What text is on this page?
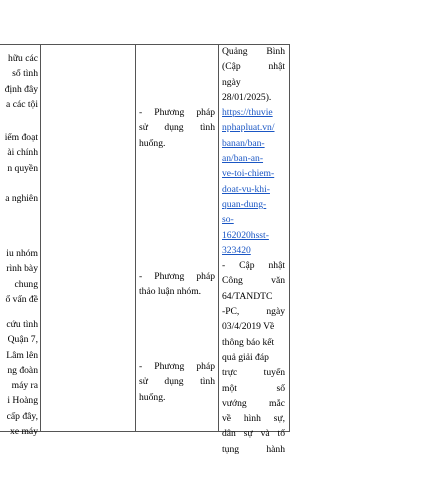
hữu các
số tình
định đây
a các tội
iểm đoạt
ài chính
n quyền
a nghiên
iu nhóm
rình bày
chung
ổ vấn đề
cứu tình
Quận 7,
Lâm lên
ng đoàn
máy ra
i Hoàng
cấp đây,
xe máy
- Phương pháp
sử dụng tình
huống.
- Phương pháp
thảo luận nhóm.
- Phương pháp
sử dụng tình
huống.
Quảng Bình
(Cập nhật
ngày
28/01/2025).
https://thuvie
nphapluat.vn/
banan/ban-
an/ban-an-
ve-toi-chiem-
doat-vu-khi-
quan-dung-
so-
162020hsst-
323420
- Cập nhật
Công văn
64/TANDTC
-PC, ngày
03/4/2019 Về
thông báo kết
quả giải đáp
trực tuyến
một số
vướng mắc
về hình sự,
dân sự và tố
tụng hành
